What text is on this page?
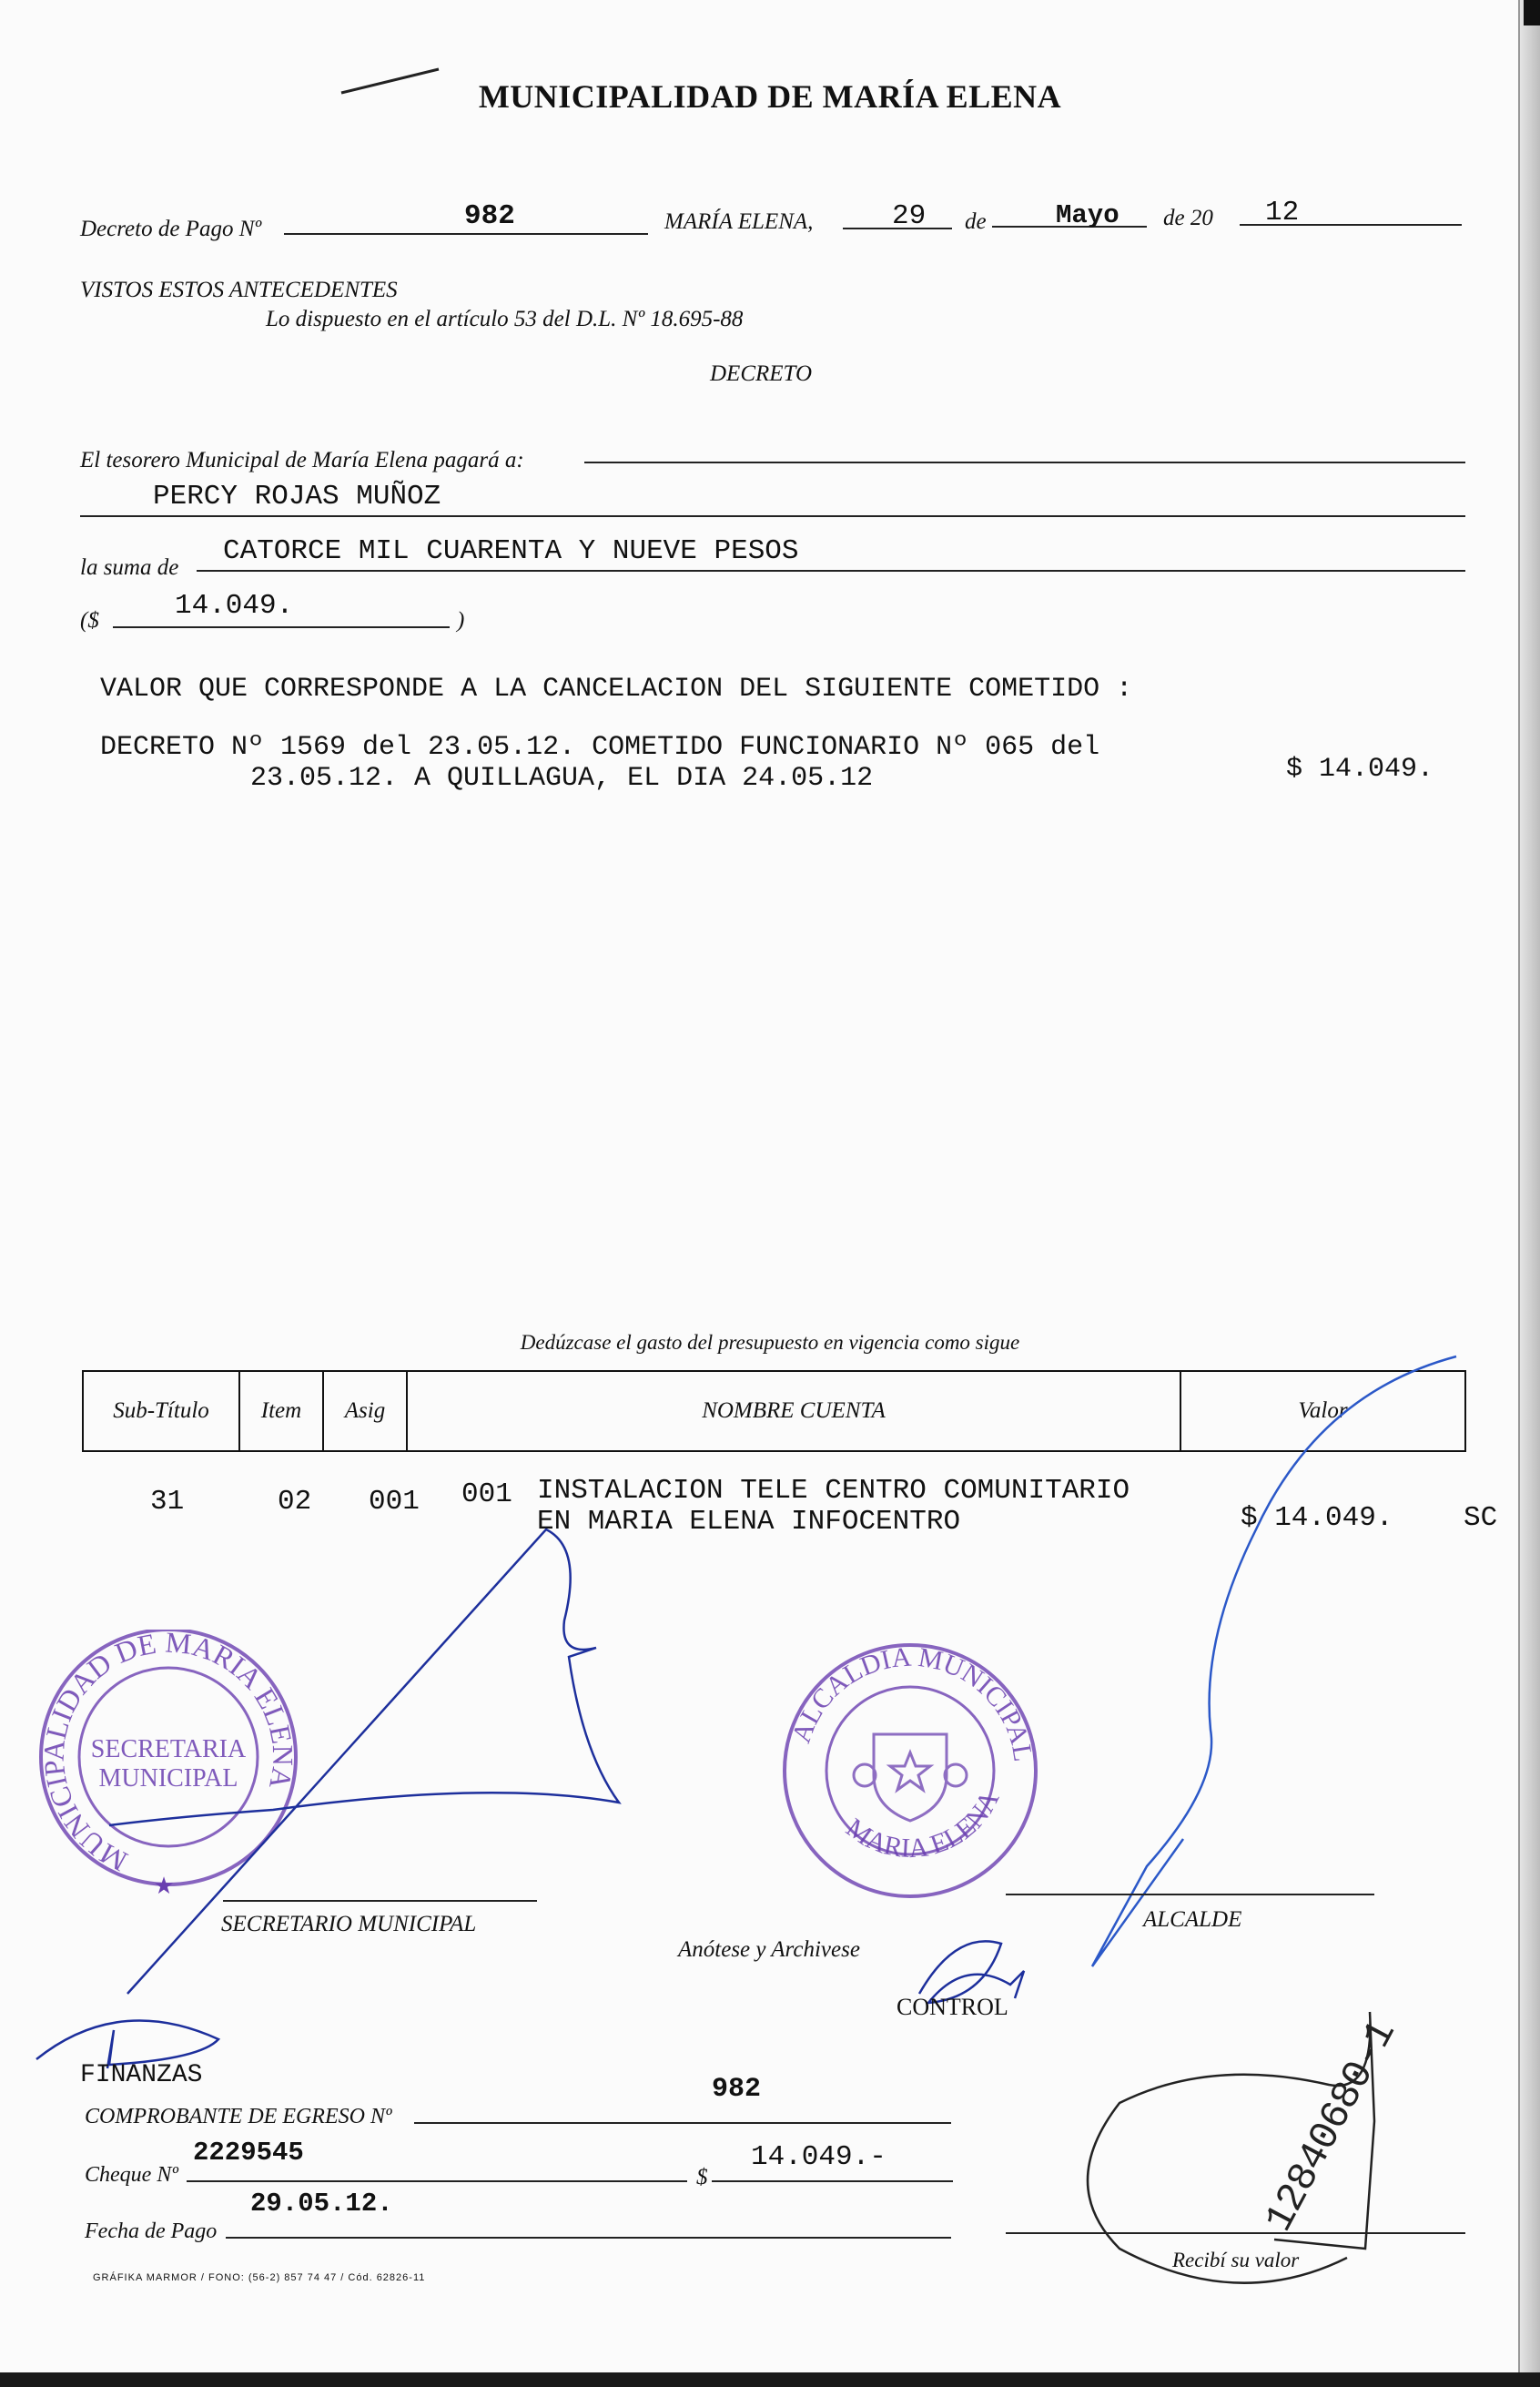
MUNICIPALIDAD DE MARÍA ELENA
Decreto de Pago Nº	982	MARÍA ELENA,	29 de	Mayo de 20 12
VISTOS ESTOS ANTECEDENTES
Lo dispuesto en el artículo 53 del D.L. Nº 18.695-88
DECRETO
El tesorero Municipal de María Elena pagará a:
PERCY ROJAS MUÑOZ
la suma de
CATORCE MIL CUARENTA Y NUEVE PESOS
($	14.049.	)
VALOR QUE CORRESPONDE A LA CANCELACION DEL SIGUIENTE COMETIDO :
DECRETO Nº 1569 del 23.05.12. COMETIDO FUNCIONARIO Nº 065 del
23.05.12. A QUILLAGUA, EL DIA 24.05.12	$ 14.049.
Dedúzcase el gasto del presupuesto en vigencia como sigue
Sub-Título	Item	Asig	NOMBRE CUENTA	Valor
31	02 001 001 INSTALACION TELE CENTRO COMUNITARIO
EN MARIA ELENA INFOCENTRO	$ 14.049.	SC
MUNICIPALIDAD DE MARIA ELENA
SECRETARIA
MUNICIPAL
★
ALCALDIA MUNICIPAL
MARIA ELENA
SECRETARIO MUNICIPAL	ALCALDE
Anótese y Archivese
CONTROL
FINANZAS	982
COMPROBANTE DE EGRESO Nº
2229545
Cheque Nº	$
14.049.-
29.05.12.
Fecha de Pago
Recibí su valor
12840680-1
GRÁFIKA MARMOR / FONO: (56-2) 857 74 47 / Cód. 62826-11
